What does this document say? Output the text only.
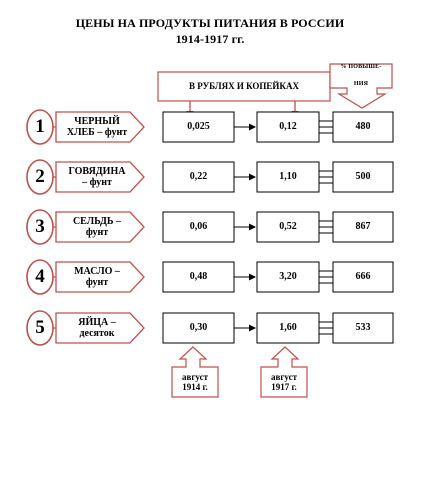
ЦЕНЫ НА ПРОДУКТЫ ПИТАНИЯ В РОССИИ
1914-1917 гг.
В РУБЛЯХ И КОПЕЙКАХ
% ПОВЫШЕ-
НИЯ
1	ЧЕРНЫЙ
ХЛЕБ – фунт
0,025	0,12	480
2	ГОВЯДИНА
– фунт
0,22	1,10	500
3	СЕЛЬДЬ –
фунт
0,06	0,52	867
4	МАСЛО –
фунт
0,48	3,20	666
5	ЯЙЦА –
десяток
0,30	1,60	533
август
1914 г.
август
1917 г.
